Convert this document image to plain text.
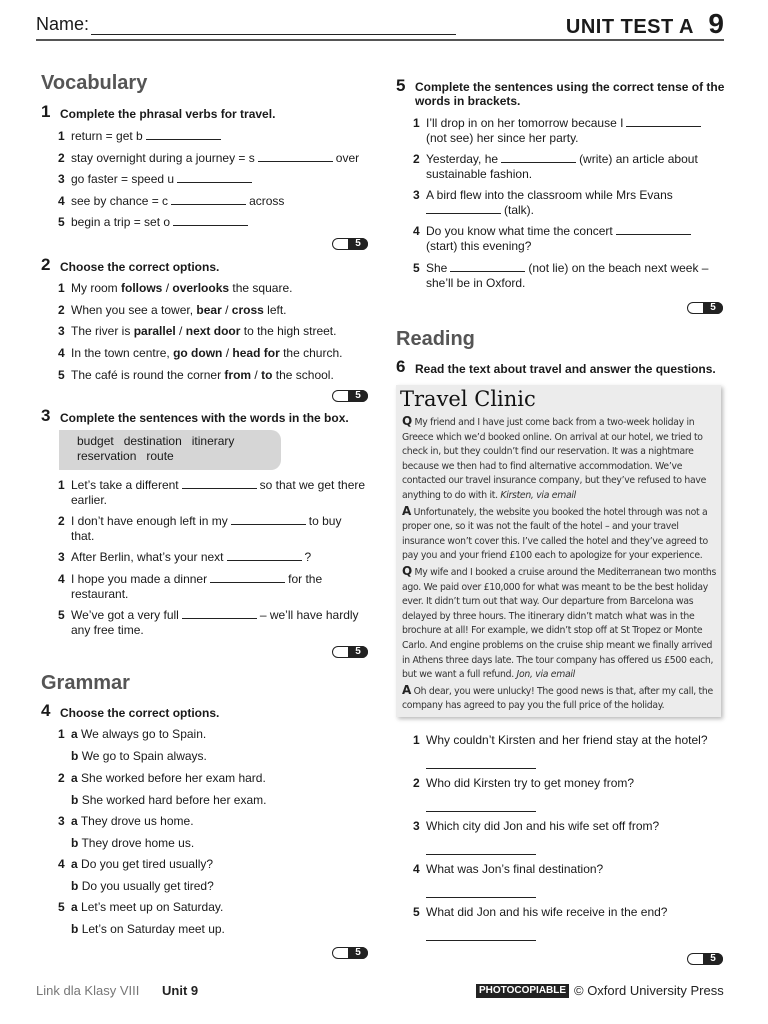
Name:	UNIT TEST A 9
Vocabulary
1 Complete the phrasal verbs for travel.
1 return = get b
2 stay overnight during a journey = s	over
3 go faster = speed u
4 see by chance = c	across
5 begin a trip = set o
5
2 Choose the correct options.
1 My room follows / overlooks the square.
2 When you see a tower, bear / cross left.
3 The river is parallel / next door to the high street.
4 In the town centre, go down / head for the church.
5 The café is round the corner from / to the school.
5
3 Complete the sentences with the words in the box.
budget   destination   itinerary
reservation   route
1 Let’s take a different	so that we get there
earlier.
2 I don’t have enough left in my	to buy
that.
3 After Berlin, what’s your next	?
4 I hope you made a dinner	for the
restaurant.
5 We’ve got a very full	– we’ll have hardly
any free time.
5
Grammar
4 Choose the correct options.
1 a We always go to Spain.
b We go to Spain always.
2 a She worked before her exam hard.
b She worked hard before her exam.
3 a They drove us home.
b They drove home us.
4 a Do you get tired usually?
b Do you usually get tired?
5 a Let’s meet up on Saturday.
b Let’s on Saturday meet up.
5
5 Complete the sentences using the correct tense of the
words in brackets.
1 I’ll drop in on her tomorrow because I
(not see) her since her party.
2 Yesterday, he	(write) an article about
sustainable fashion.
3 A bird flew into the classroom while Mrs Evans
(talk).
4 Do you know what time the concert
(start) this evening?
5 She	(not lie) on the beach next week –
she’ll be in Oxford.
5
Reading
6 Read the text about travel and answer the questions.
Travel Clinic

Q My friend and I have just come back from a two-week holiday in Greece which we’d booked online. On arrival at our hotel, we tried to check in, but they couldn’t find our reservation. It was a nightmare because we then had to find alternative accommodation. We’ve contacted our travel insurance company, but they’ve refused to have anything to do with it. Kirsten, via email

A Unfortunately, the website you booked the hotel through was not a proper one, so it was not the fault of the hotel – and your travel insurance won’t cover this. I’ve called the hotel and they’ve agreed to pay you and your friend £100 each to apologize for your experience.

Q My wife and I booked a cruise around the Mediterranean two months ago. We paid over £10,000 for what was meant to be the best holiday ever. It didn’t turn out that way. Our departure from Barcelona was delayed by three hours. The itinerary didn’t match what was in the brochure at all! For example, we didn’t stop off at St Tropez or Monte Carlo. And engine problems on the cruise ship meant we finally arrived in Athens three days late. The tour company has offered us £500 each, but we want a full refund. Jon, via email

A Oh dear, you were unlucky! The good news is that, after my call, the company has agreed to pay you the full price of the holiday.

1 Why couldn’t Kirsten and her friend stay at the hotel?
2 Who did Kirsten try to get money from?
3 Which city did Jon and his wife set off from?
4 What was Jon’s final destination?
5 What did Jon and his wife receive in the end?
5
Link dla Klasy VIII Unit 9	PHOTOCOPIABLE © Oxford University Press
